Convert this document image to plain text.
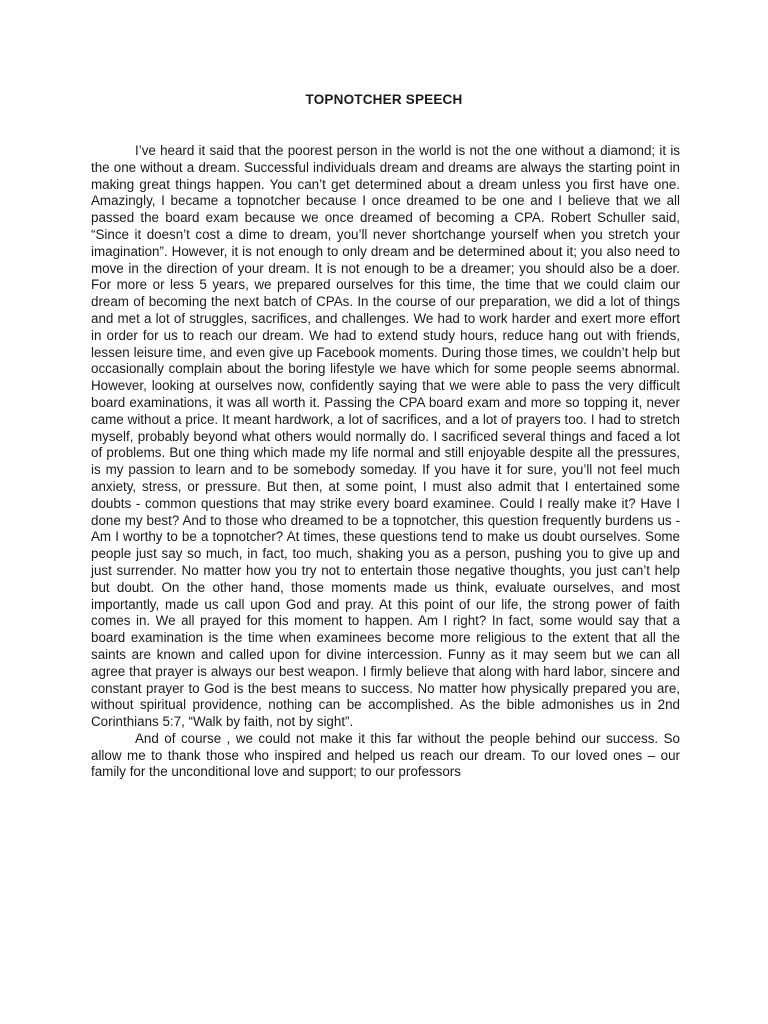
TOPNOTCHER SPEECH

I’ve heard it said that the poorest person in the world is not the one without a diamond; it is the one without a dream. Successful individuals dream and dreams are always the starting point in making great things happen. You can’t get determined about a dream unless you first have one. Amazingly, I became a topnotcher because I once dreamed to be one and I believe that we all passed the board exam because we once dreamed of becoming a CPA. Robert Schuller said, “Since it doesn’t cost a dime to dream, you’ll never shortchange yourself when you stretch your imagination”. However, it is not enough to only dream and be determined about it; you also need to move in the direction of your dream. It is not enough to be a dreamer; you should also be a doer. For more or less 5 years, we prepared ourselves for this time, the time that we could claim our dream of becoming the next batch of CPAs. In the course of our preparation, we did a lot of things and met a lot of struggles, sacrifices, and challenges. We had to work harder and exert more effort in order for us to reach our dream. We had to extend study hours, reduce hang out with friends, lessen leisure time, and even give up Facebook moments. During those times, we couldn’t help but occasionally complain about the boring lifestyle we have which for some people seems abnormal. However, looking at ourselves now, confidently saying that we were able to pass the very difficult board examinations, it was all worth it. Passing the CPA board exam and more so topping it, never came without a price. It meant hardwork, a lot of sacrifices, and a lot of prayers too. I had to stretch myself, probably beyond what others would normally do. I sacrificed several things and faced a lot of problems. But one thing which made my life normal and still enjoyable despite all the pressures, is my passion to learn and to be somebody someday. If you have it for sure, you’ll not feel much anxiety, stress, or pressure. But then, at some point, I must also admit that I entertained some doubts - common questions that may strike every board examinee. Could I really make it? Have I done my best? And to those who dreamed to be a topnotcher, this question frequently burdens us - Am I worthy to be a topnotcher? At times, these questions tend to make us doubt ourselves. Some people just say so much, in fact, too much, shaking you as a person, pushing you to give up and just surrender. No matter how you try not to entertain those negative thoughts, you just can’t help but doubt. On the other hand, those moments made us think, evaluate ourselves, and most importantly, made us call upon God and pray. At this point of our life, the strong power of faith comes in. We all prayed for this moment to happen. Am I right? In fact, some would say that a board examination is the time when examinees become more religious to the extent that all the saints are known and called upon for divine intercession. Funny as it may seem but we can all agree that prayer is always our best weapon. I firmly believe that along with hard labor, sincere and constant prayer to God is the best means to success. No matter how physically prepared you are, without spiritual providence, nothing can be accomplished. As the bible admonishes us in 2nd Corinthians 5:7, “Walk by faith, not by sight”.

And of course , we could not make it this far without the people behind our success. So allow me to thank those who inspired and helped us reach our dream. To our loved ones – our family for the unconditional love and support; to our professors
